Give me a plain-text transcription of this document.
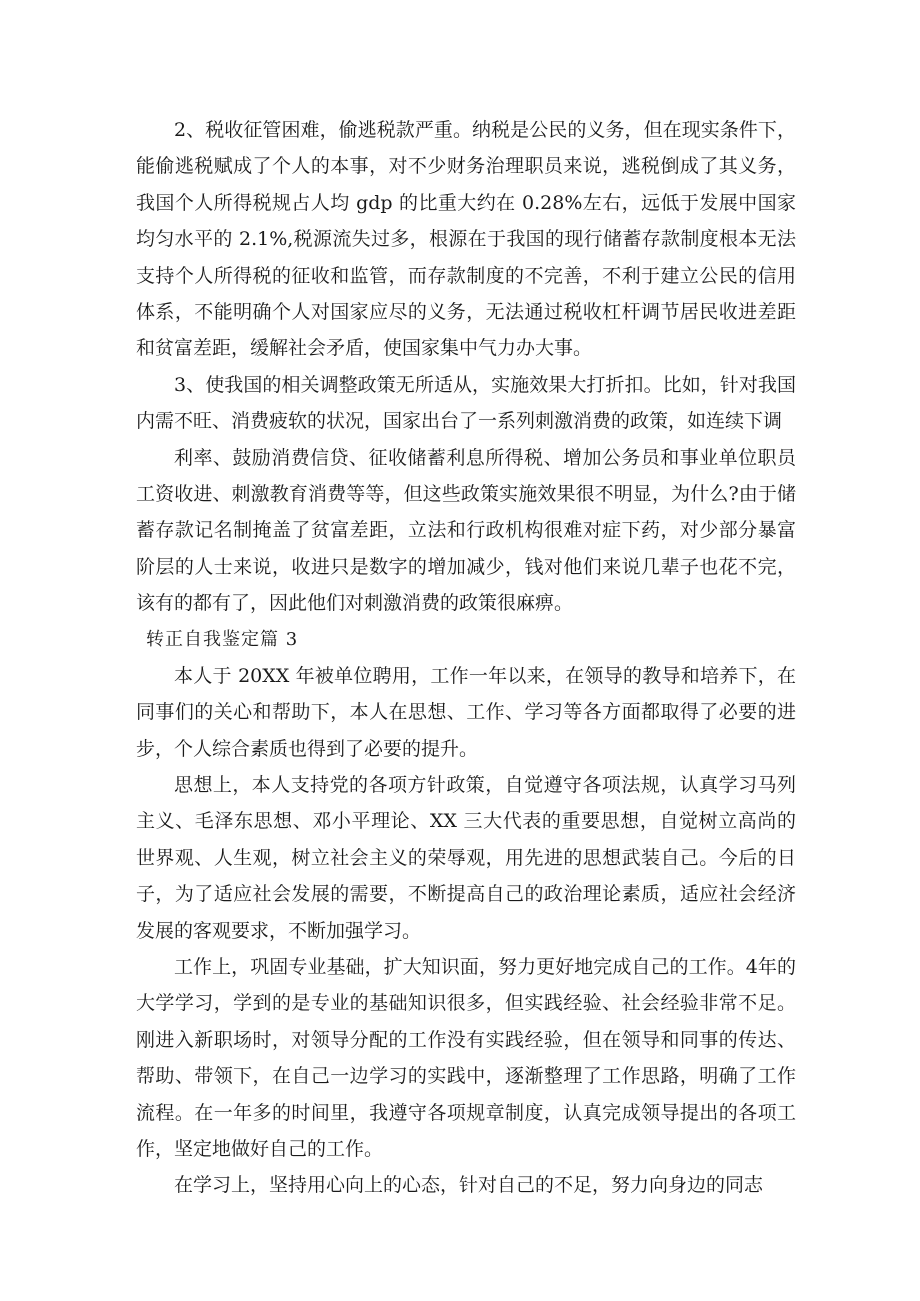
2、税收征管困难，偷逃税款严重。纳税是公民的义务，但在现实条件下，能偷逃税赋成了个人的本事，对不少财务治理职员来说，逃税倒成了其义务，我国个人所得税规占人均 gdp 的比重大约在 0.28%左右，远低于发展中国家均匀水平的 2.1%,税源流失过多，根源在于我国的现行储蓄存款制度根本无法支持个人所得税的征收和监管，而存款制度的不完善，不利于建立公民的信用体系，不能明确个人对国家应尽的义务，无法通过税收杠杆调节居民收进差距和贫富差距，缓解社会矛盾，使国家集中气力办大事。

3、使我国的相关调整政策无所适从，实施效果大打折扣。比如，针对我国内需不旺、消费疲软的状况，国家出台了一系列刺激消费的政策，如连续下调

利率、鼓励消费信贷、征收储蓄利息所得税、增加公务员和事业单位职员工资收进、刺激教育消费等等，但这些政策实施效果很不明显，为什么?由于储蓄存款记名制掩盖了贫富差距，立法和行政机构很难对症下药，对少部分暴富阶层的人士来说，收进只是数字的增加减少，钱对他们来说几辈子也花不完，该有的都有了，因此他们对刺激消费的政策很麻痹。

转正自我鉴定篇 3

本人于 20XX 年被单位聘用，工作一年以来，在领导的教导和培养下，在同事们的关心和帮助下，本人在思想、工作、学习等各方面都取得了必要的进步，个人综合素质也得到了必要的提升。

思想上，本人支持党的各项方针政策，自觉遵守各项法规，认真学习马列主义、毛泽东思想、邓小平理论、XX 三大代表的重要思想，自觉树立高尚的世界观、人生观，树立社会主义的荣辱观，用先进的思想武装自己。今后的日子，为了适应社会发展的需要，不断提高自己的政治理论素质，适应社会经济发展的客观要求，不断加强学习。

工作上，巩固专业基础，扩大知识面，努力更好地完成自己的工作。4年的大学学习，学到的是专业的基础知识很多，但实践经验、社会经验非常不足。刚进入新职场时，对领导分配的工作没有实践经验，但在领导和同事的传达、帮助、带领下，在自己一边学习的实践中，逐渐整理了工作思路，明确了工作流程。在一年多的时间里，我遵守各项规章制度，认真完成领导提出的各项工作，坚定地做好自己的工作。

在学习上，坚持用心向上的心态，针对自己的不足，努力向身边的同志
